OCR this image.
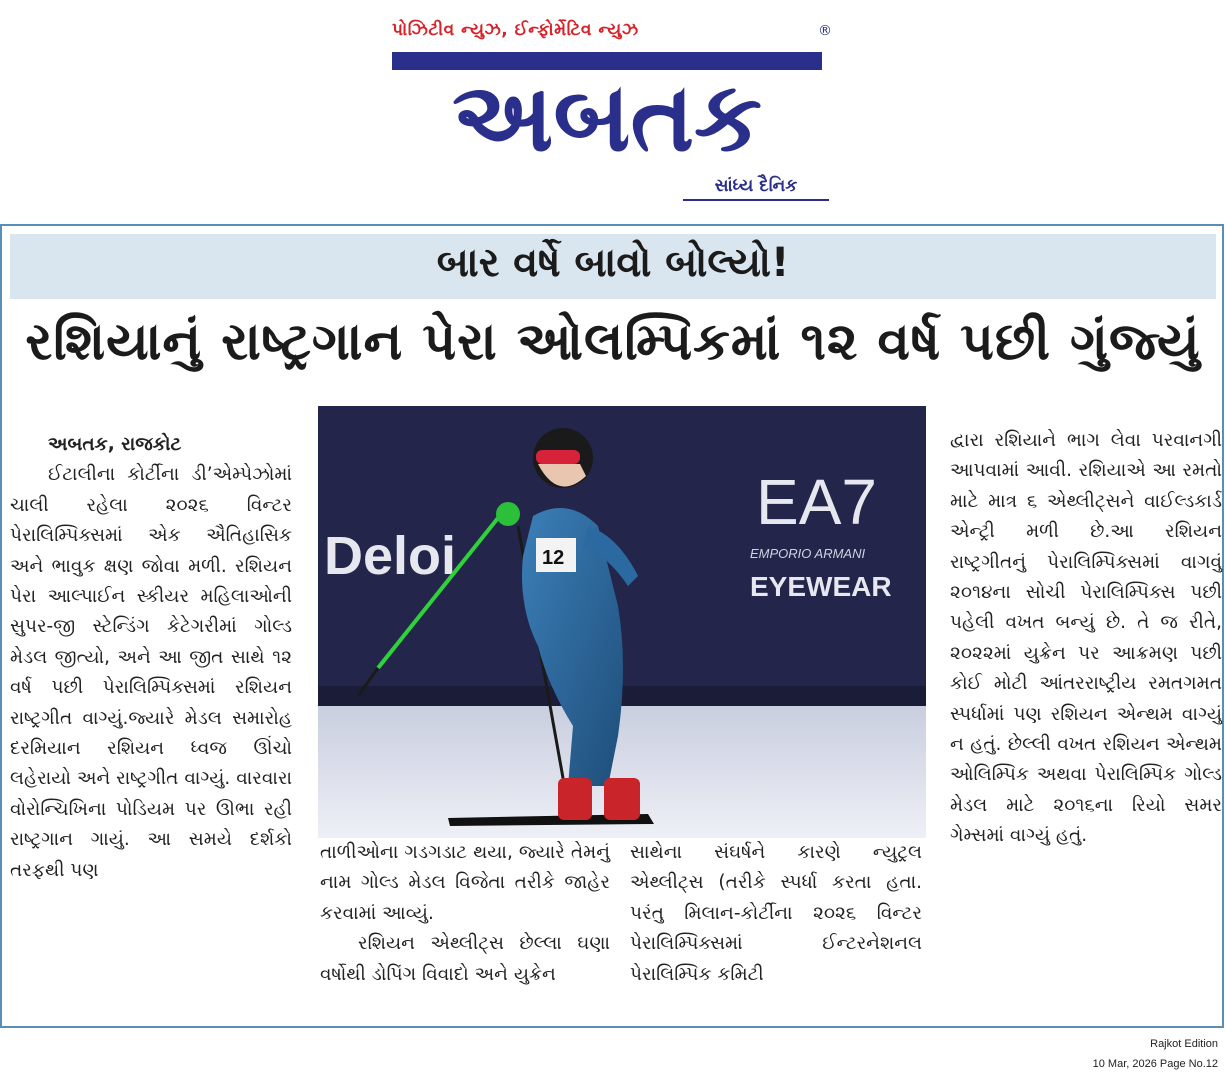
પોઝિટીવ ન્યુઝ, ઈન્ફોર્મેટિવ ન્યુઝ
અબતક
®
સાંધ્ય દૈનિક
બાર વર્ષે બાવો બોલ્યો!
રશિયાનું રાષ્ટ્રગાન પેરા ઓલમ્પિકમાં ૧૨ વર્ષ પછી ગુંજ્યું
Deloi
EA7
EMPORIO ARMANI
EYEWEAR
12

અબતક, રાજકોટ

ઈટાલીના કોર્ટીના ડી’એમ્પેઝોમાં ચાલી રહેલા ૨૦૨૬ વિન્ટર પેરાલિમ્પિક્સમાં એક ઐતિહાસિક અને ભાવુક ક્ષણ જોવા મળી. રશિયન પેરા આલ્પાઈન સ્કીયર મહિલાઓની સુપર-જી સ્ટેન્ડિંગ કેટેગરીમાં ગોલ્ડ મેડલ જીત્યો, અને આ જીત સાથે ૧૨ વર્ષ પછી પેરાલિમ્પિક્સમાં રશિયન રાષ્ટ્રગીત વાગ્યું.જ્યારે મેડલ સમારોહ દરમિયાન રશિયન ધ્વજ ઊંચો લહેરાયો અને રાષ્ટ્રગીત વાગ્યું. વારવારા વોરોન્ચિખિના પોડિયમ પર ઊભા રહી રાષ્ટ્રગાન ગાયું. આ સમયે દર્શકો તરફથી પણ

તાળીઓના ગડગડાટ થયા, જ્યારે તેમનું નામ ગોલ્ડ મેડલ વિજેતા તરીકે જાહેર કરવામાં આવ્યું.

રશિયન એથ્લીટ્સ છેલ્લા ઘણા વર્ષોથી ડોપિંગ વિવાદો અને યુક્રેન

સાથેના સંઘર્ષને કારણે ન્યુટ્રલ એથ્લીટ્સ (તરીકે સ્પર્ધા કરતા હતા. પરંતુ મિલાન-કોર્ટીના ૨૦૨૬ વિન્ટર પેરાલિમ્પિક્સમાં ઈન્ટરનેશનલ પેરાલિમ્પિક કમિટી

દ્વારા રશિયાને ભાગ લેવા પરવાનગી આપવામાં આવી. રશિયાએ આ રમતો માટે માત્ર ૬ એથ્લીટ્સને વાઈલ્ડકાર્ડ એન્ટ્રી મળી છે.આ રશિયન રાષ્ટ્રગીતનું પેરાલિમ્પિક્સમાં વાગવું ૨૦૧૪ના સોચી પેરાલિમ્પિક્સ પછી પહેલી વખત બન્યું છે. તે જ રીતે, ૨૦૨૨માં યુક્રેન પર આક્રમણ પછી કોઈ મોટી આંતરરાષ્ટ્રીય રમતગમત સ્પર્ધામાં પણ રશિયન એન્થમ વાગ્યું ન હતું. છેલ્લી વખત રશિયન એન્થમ ઓલિમ્પિક અથવા પેરાલિમ્પિક ગોલ્ડ મેડલ માટે ૨૦૧૬ના રિયો સમર ગેમ્સમાં વાગ્યું હતું.

Rajkot Edition
10 Mar, 2026 Page No.12
